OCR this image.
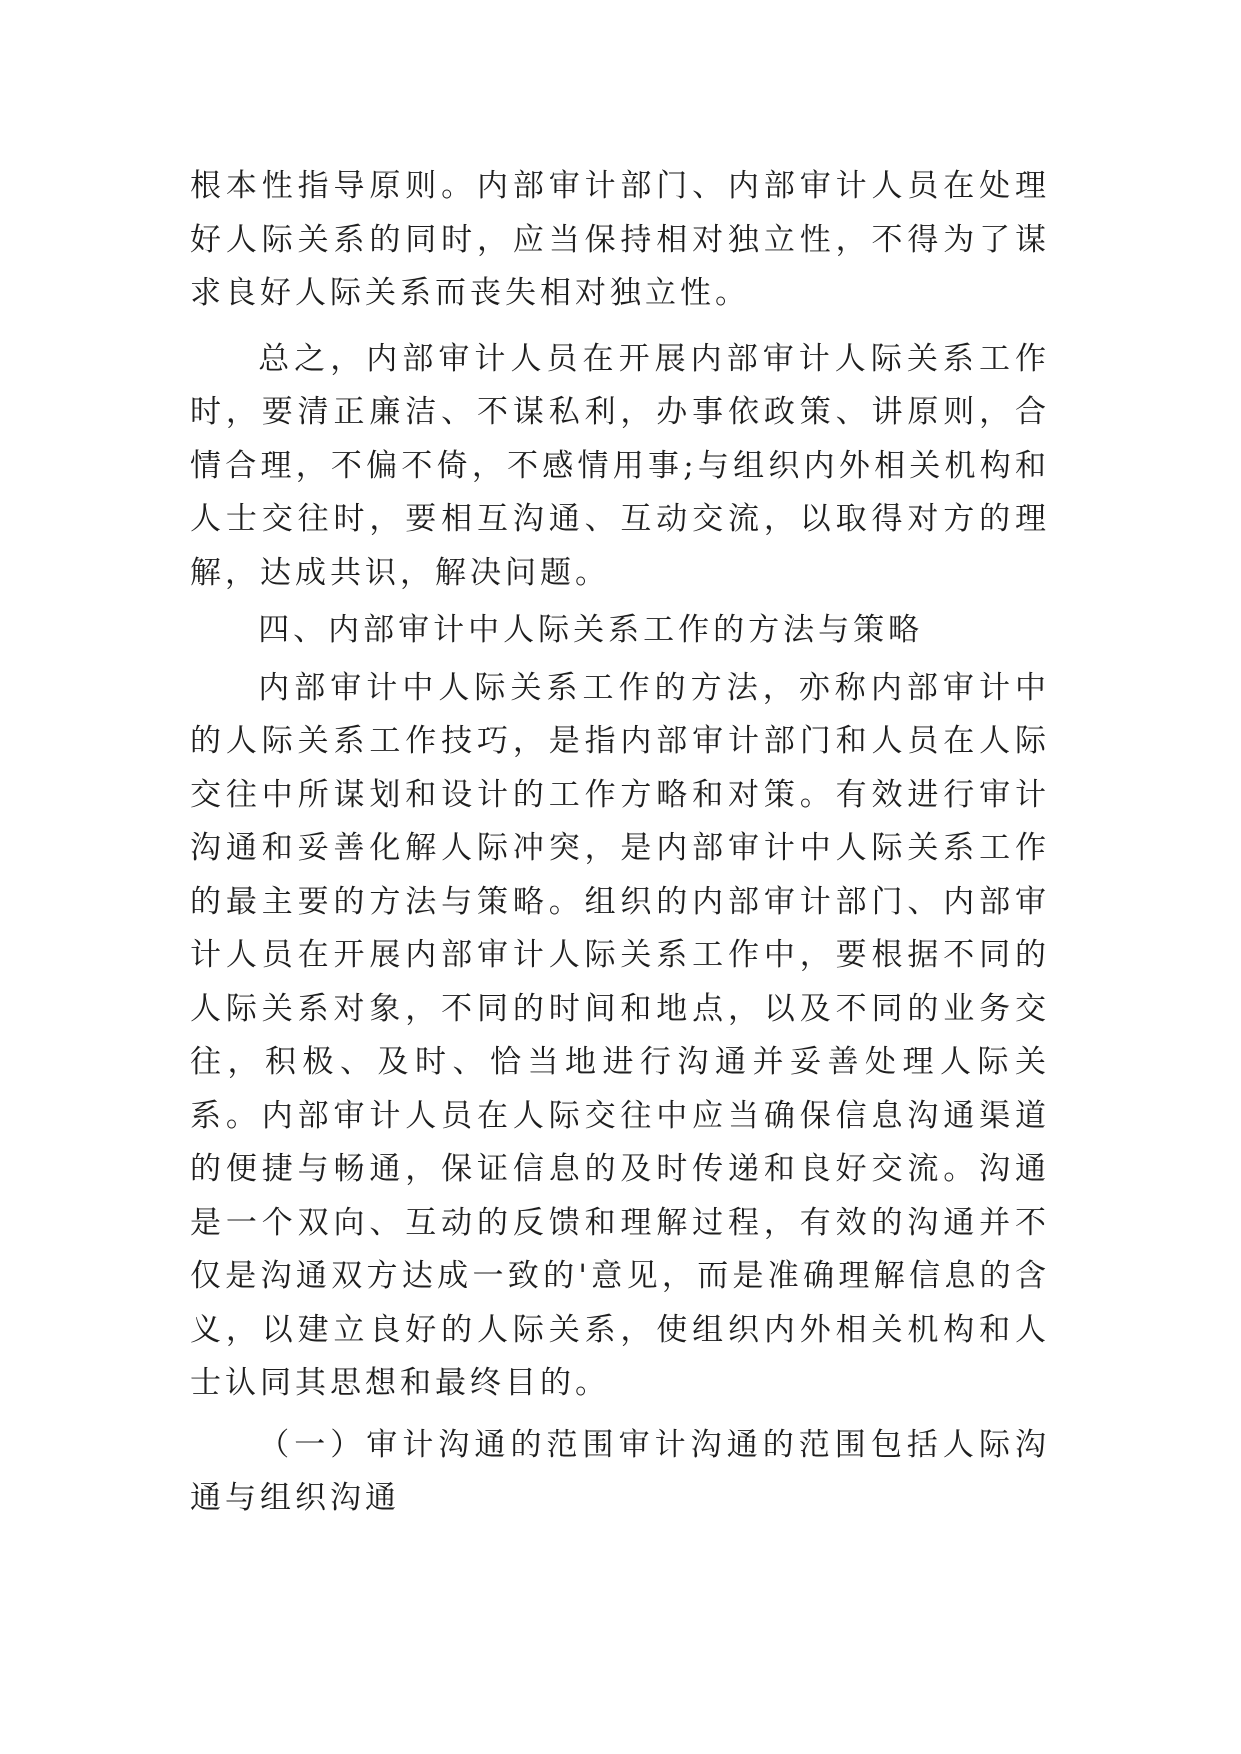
根本性指导原则。内部审计部门、内部审计人员在处理好人际关系的同时，应当保持相对独立性，不得为了谋求良好人际关系而丧失相对独立性。

总之，内部审计人员在开展内部审计人际关系工作时，要清正廉洁、不谋私利，办事依政策、讲原则，合情合理，不偏不倚，不感情用事;与组织内外相关机构和人士交往时，要相互沟通、互动交流，以取得对方的理解，达成共识，解决问题。

四、内部审计中人际关系工作的方法与策略

内部审计中人际关系工作的方法，亦称内部审计中的人际关系工作技巧，是指内部审计部门和人员在人际交往中所谋划和设计的工作方略和对策。有效进行审计沟通和妥善化解人际冲突，是内部审计中人际关系工作的最主要的方法与策略。组织的内部审计部门、内部审计人员在开展内部审计人际关系工作中，要根据不同的人际关系对象，不同的时间和地点，以及不同的业务交往，积极、及时、恰当地进行沟通并妥善处理人际关系。内部审计人员在人际交往中应当确保信息沟通渠道的便捷与畅通，保证信息的及时传递和良好交流。沟通是一个双向、互动的反馈和理解过程，有效的沟通并不仅是沟通双方达成一致的'意见，而是准确理解信息的含义，以建立良好的人际关系，使组织内外相关机构和人士认同其思想和最终目的。

（一）审计沟通的范围审计沟通的范围包括人际沟通与组织沟通
